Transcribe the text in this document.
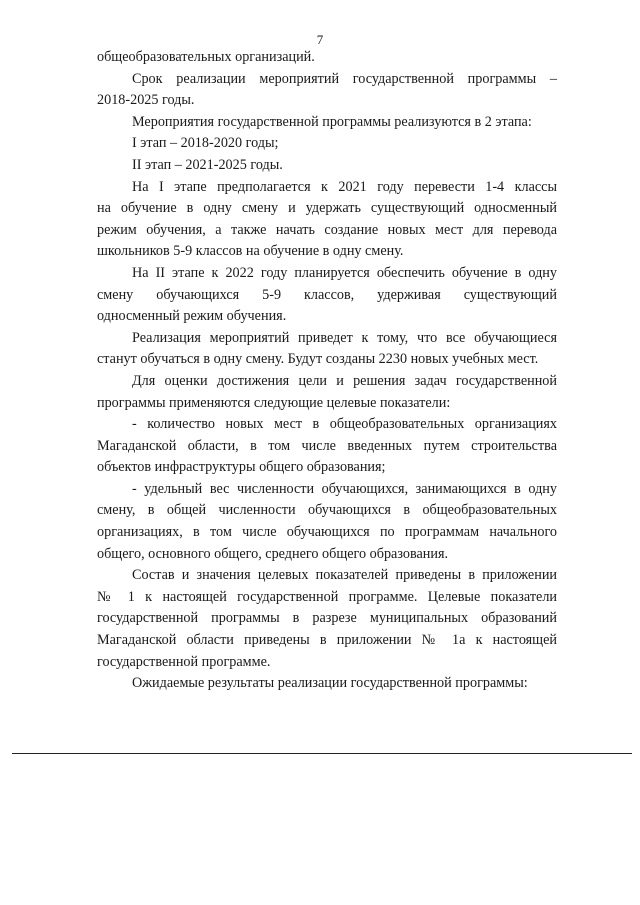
7

общеобразовательных организаций.

Срок реализации мероприятий государственной программы –

2018-2025 годы.

Мероприятия государственной программы реализуются в 2 этапа:

I этап – 2018-2020 годы;

II этап – 2021-2025 годы.

На I этапе предполагается к 2021 году перевести 1-4 классы

на обучение в одну смену и удержать существующий односменный

режим обучения, а также начать создание новых мест для перевода

школьников 5-9 классов на обучение в одну смену.

На II этапе к 2022 году планируется обеспечить обучение в одну

смену обучающихся 5-9 классов, удерживая существующий

односменный режим обучения.

Реализация мероприятий приведет к тому, что все обучающиеся

станут обучаться в одну смену. Будут созданы 2230 новых учебных мест.

Для оценки достижения цели и решения задач государственной

программы применяются следующие целевые показатели:

- количество новых мест в общеобразовательных организациях

Магаданской области, в том числе введенных путем строительства

объектов инфраструктуры общего образования;

- удельный вес численности обучающихся, занимающихся в одну

смену, в общей численности обучающихся в общеобразовательных

организациях, в том числе обучающихся по программам начального

общего, основного общего, среднего общего образования.

Состав и значения целевых показателей приведены в приложении

№ 1 к настоящей государственной программе. Целевые показатели

государственной программы в разрезе муниципальных образований

Магаданской области приведены в приложении № 1а к настоящей

государственной программе.

Ожидаемые результаты реализации государственной программы:
